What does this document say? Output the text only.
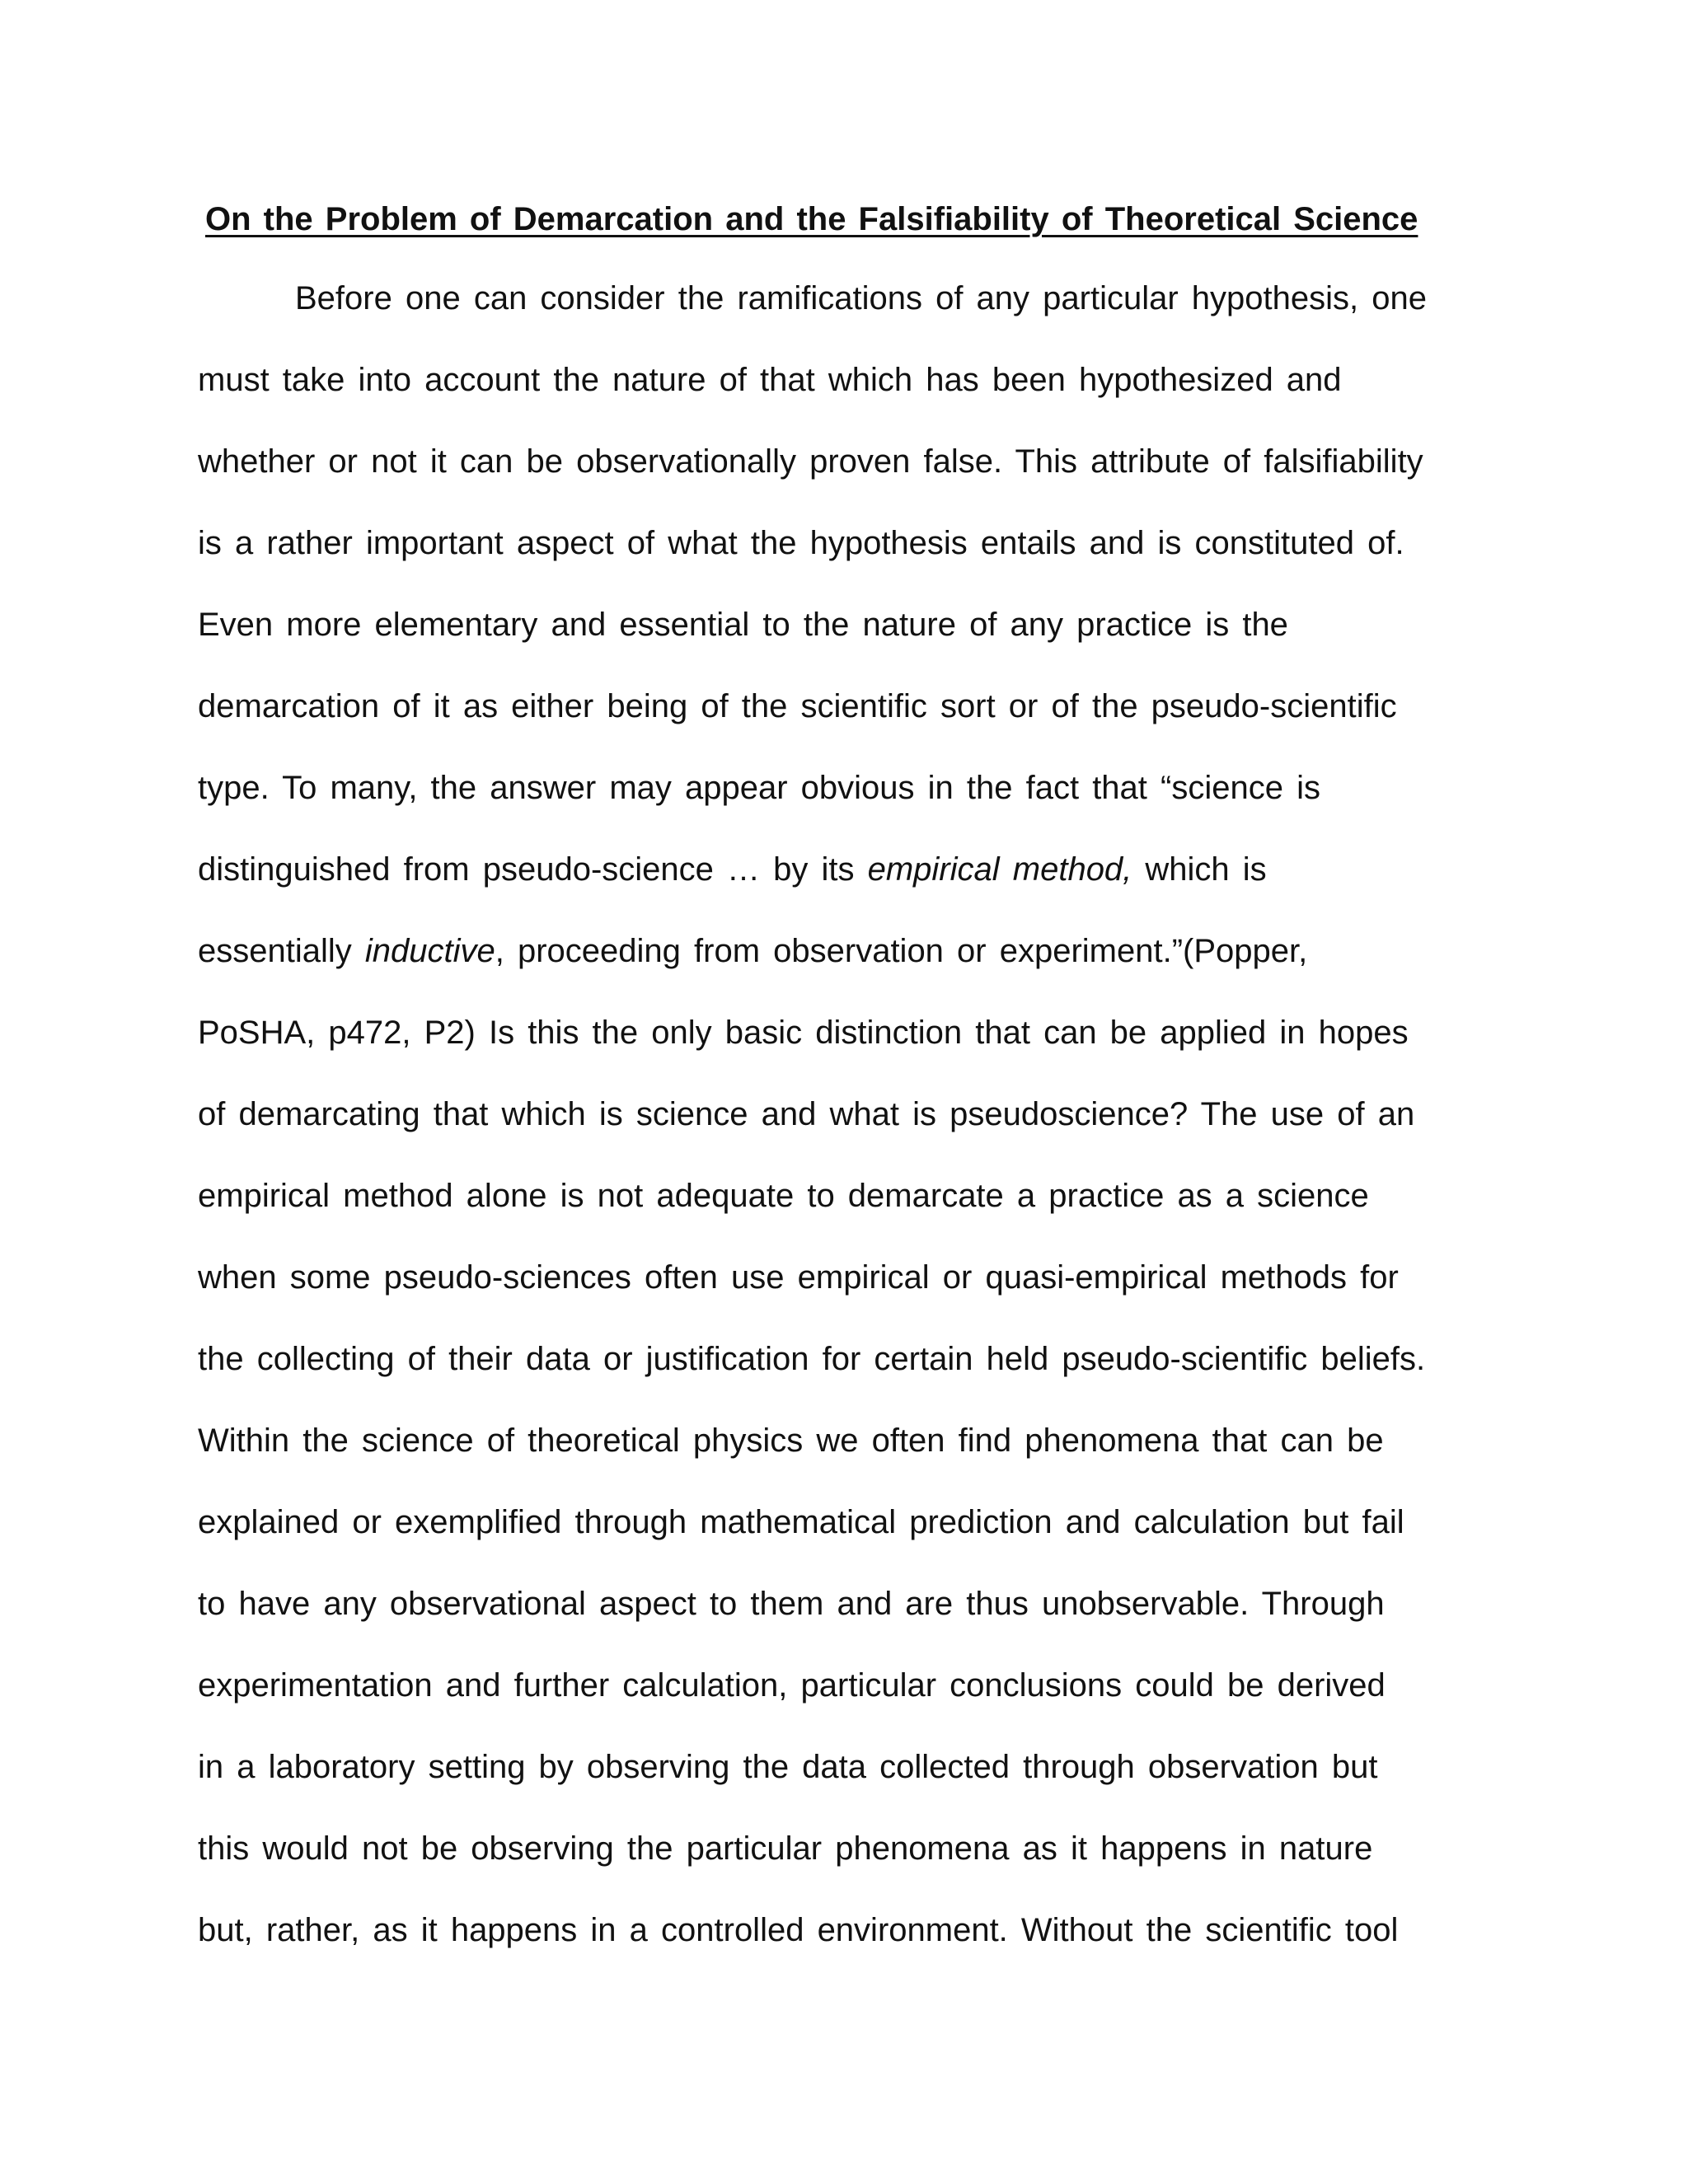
On the Problem of Demarcation and the Falsifiability of Theoretical Science
Before one can consider the ramifications of any particular hypothesis, one
must take into account the nature of that which has been hypothesized and
whether or not it can be observationally proven false. This attribute of falsifiability
is a rather important aspect of what the hypothesis entails and is constituted of.
Even more elementary and essential to the nature of any practice is the
demarcation of it as either being of the scientific sort or of the pseudo-scientific
type. To many, the answer may appear obvious in the fact that “science is
distinguished from pseudo-science … by its empirical method, which is
essentially inductive, proceeding from observation or experiment.”(Popper,
PoSHA, p472, P2) Is this the only basic distinction that can be applied in hopes
of demarcating that which is science and what is pseudoscience? The use of an
empirical method alone is not adequate to demarcate a practice as a science
when some pseudo-sciences often use empirical or quasi-empirical methods for
the collecting of their data or justification for certain held pseudo-scientific beliefs.
Within the science of theoretical physics we often find phenomena that can be
explained or exemplified through mathematical prediction and calculation but fail
to have any observational aspect to them and are thus unobservable. Through
experimentation and further calculation, particular conclusions could be derived
in a laboratory setting by observing the data collected through observation but
this would not be observing the particular phenomena as it happens in nature
but, rather, as it happens in a controlled environment. Without the scientific tool
